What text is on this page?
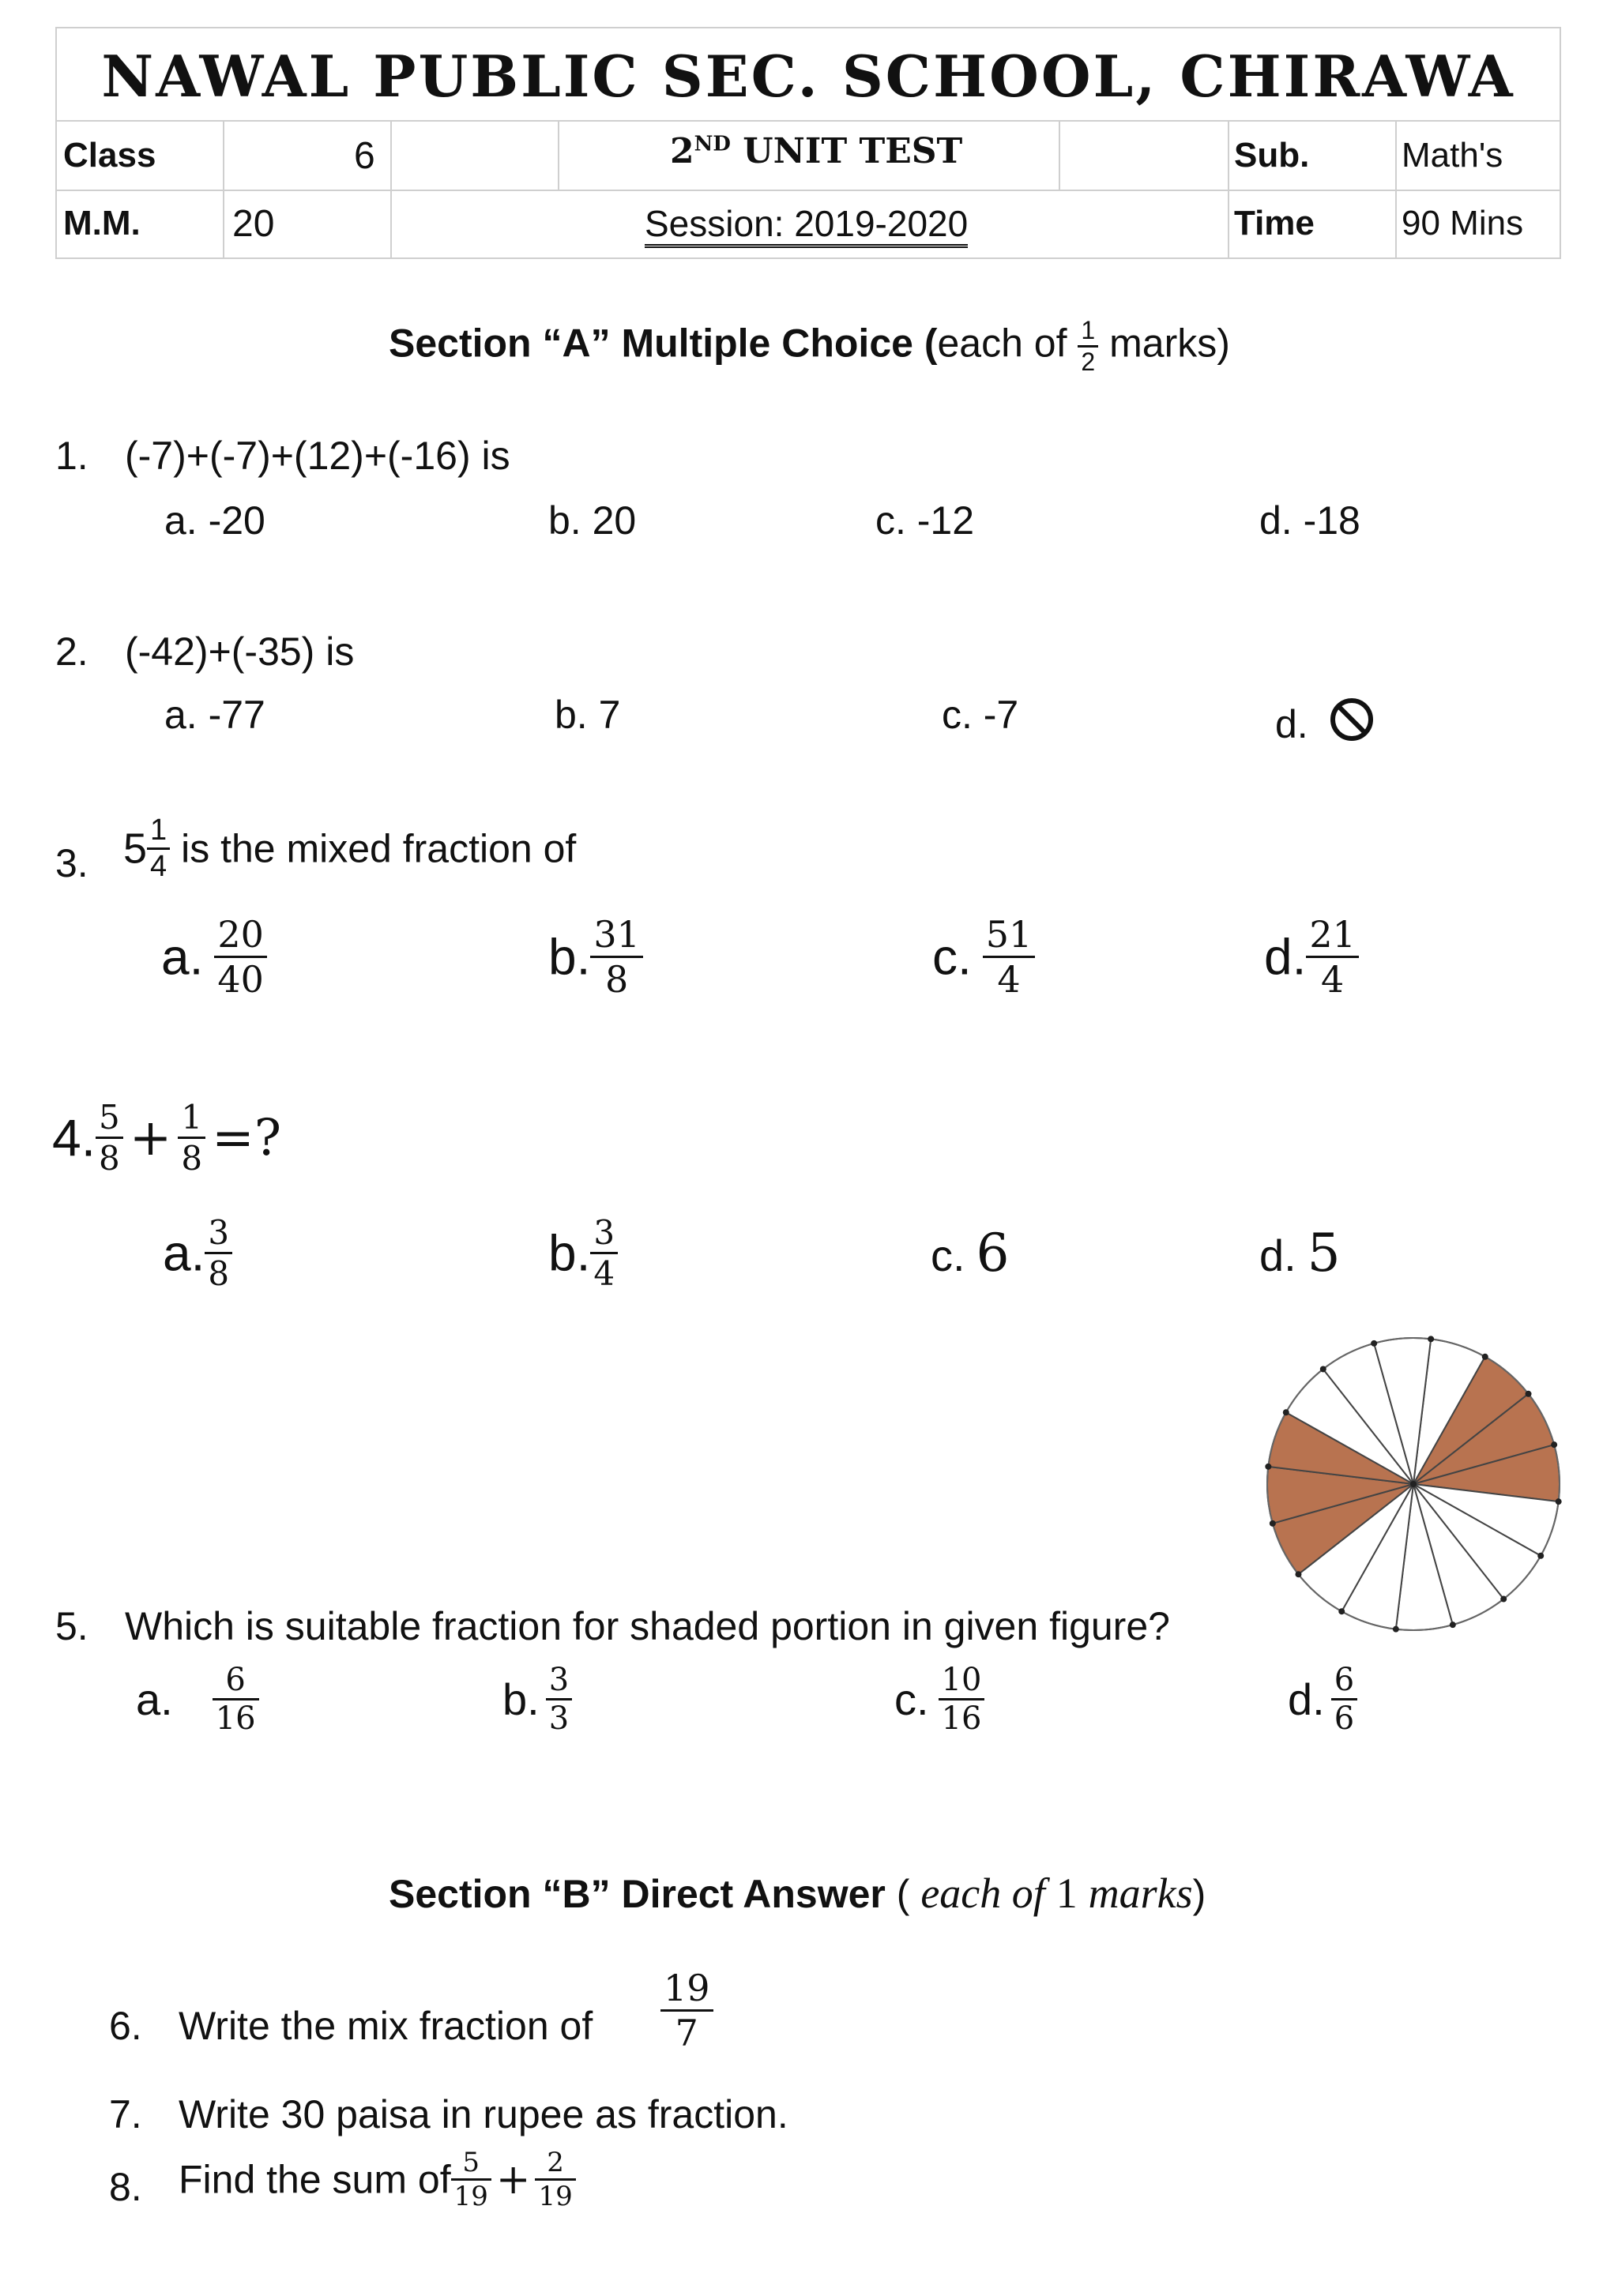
NAWAL PUBLIC SEC. SCHOOL, CHIRAWA
Class	6	2ND UNIT TEST	Sub.	Math's
M.M. 20	Session: 2019-2020	Time	90 Mins
Section “A” Multiple Choice (each of $\frac{1}{2}$ marks)
1. (-7)+(-7)+(12)+(-16) is
a. -20	b. 20	c. -12	d. -18
2. (-42)+(-35) is
a. -77	b. 7	c. -7	d.
3. $5 \frac{1}{4}$ is the mixed fraction of
a. $\frac{20}{40}$	b. $\frac{31}{8}$	c. $\frac{51}{4}$	d. $\frac{21}{4}$
4. $\frac{5}{8} + \frac{1}{8}$ =?
a. $\frac{3}{8}$	b. $\frac{3}{4}$	c. 6	d. 5
5. Which is suitable fraction for shaded portion in given figure?
a. $\frac{6}{16}$	b. $\frac{3}{3}$	c. $\frac{10}{16}$	d. $\frac{6}{6}$
Section “B” Direct Answer ( each of 1 marks)
6. Write the mix fraction of $\frac{19}{7}$
7. Write 30 paisa in rupee as fraction.
8. Find the sum of $\frac{5}{19} + \frac{2}{19}$
